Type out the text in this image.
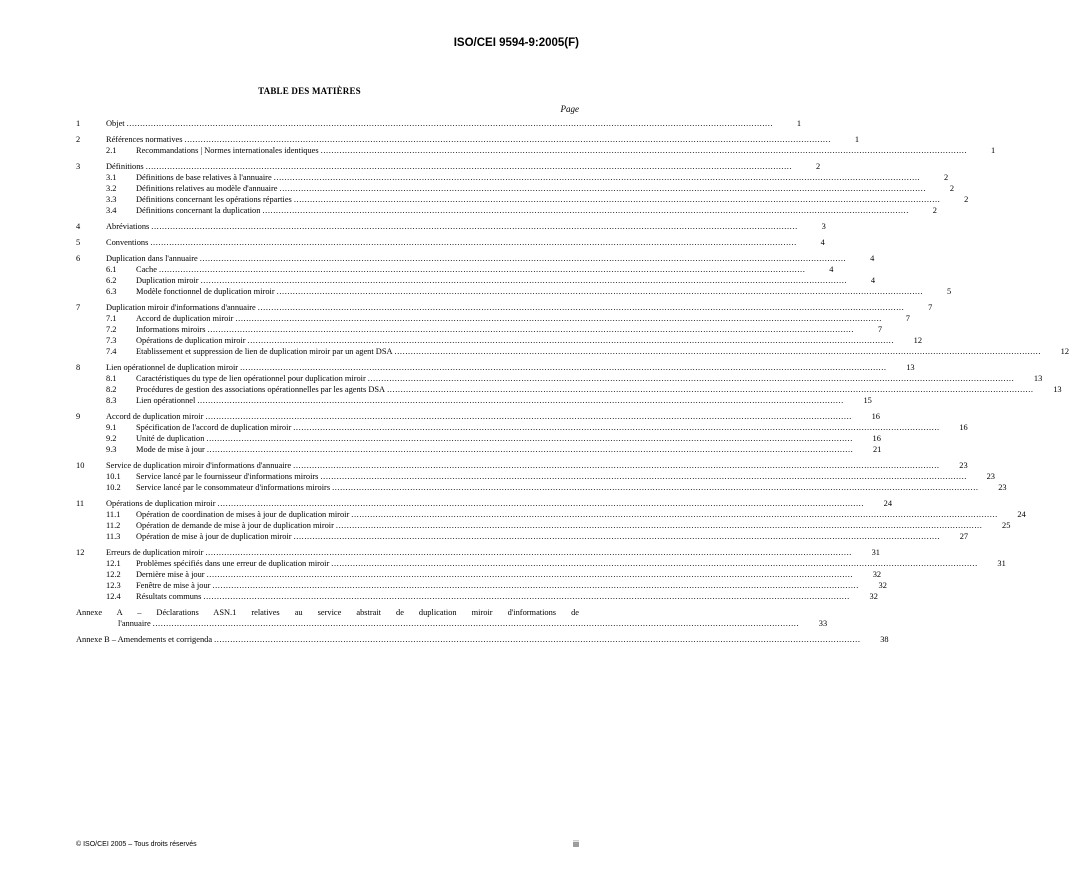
ISO/CEI 9594-9:2005(F)
TABLE DES MATIÈRES
Page
1	Objet .....	1
2	Références normatives .....	1
2.1	Recommandations | Normes internationales identiques .....	1
3	Définitions .....	2
3.1	Définitions de base relatives à l'annuaire .....	2
3.2	Définitions relatives au modèle d'annuaire .....	2
3.3	Définitions concernant les opérations réparties .....	2
3.4	Définitions concernant la duplication .....	2
4	Abréviations .....	3
5	Conventions .....	4
6	Duplication dans l'annuaire .....	4
6.1	Cache .....	4
6.2	Duplication miroir .....	4
6.3	Modèle fonctionnel de duplication miroir .....	5
7	Duplication miroir d'informations d'annuaire .....	7
7.1	Accord de duplication miroir .....	7
7.2	Informations miroirs .....	7
7.3	Opérations de duplication miroir .....	12
7.4	Etablissement et suppression de lien de duplication miroir par un agent DSA .....	12
8	Lien opérationnel de duplication miroir .....	13
8.1	Caractéristiques du type de lien opérationnel pour duplication miroir .....	13
8.2	Procédures de gestion des associations opérationnelles par les agents DSA .....	13
8.3	Lien opérationnel .....	15
9	Accord de duplication miroir .....	16
9.1	Spécification de l'accord de duplication miroir .....	16
9.2	Unité de duplication .....	16
9.3	Mode de mise à jour .....	21
10	Service de duplication miroir d'informations d'annuaire .....	23
10.1	Service lancé par le fournisseur d'informations miroirs .....	23
10.2	Service lancé par le consommateur d'informations miroirs .....	23
11	Opérations de duplication miroir .....	24
11.1	Opération de coordination de mises à jour de duplication miroir .....	24
11.2	Opération de demande de mise à jour de duplication miroir .....	25
11.3	Opération de mise à jour de duplication miroir .....	27
12	Erreurs de duplication miroir .....	31
12.1	Problèmes spécifiés dans une erreur de duplication miroir .....	31
12.2	Dernière mise à jour .....	32
12.3	Fenêtre de mise à jour .....	32
12.4	Résultats communs .....	32
Annexe A – Déclarations ASN.1 relatives au service abstrait de duplication miroir d'informations de
l'annuaire .....	33
Annexe B – Amendements et corrigenda .....	38
© ISO/CEI 2005 – Tous droits réservés	iii
